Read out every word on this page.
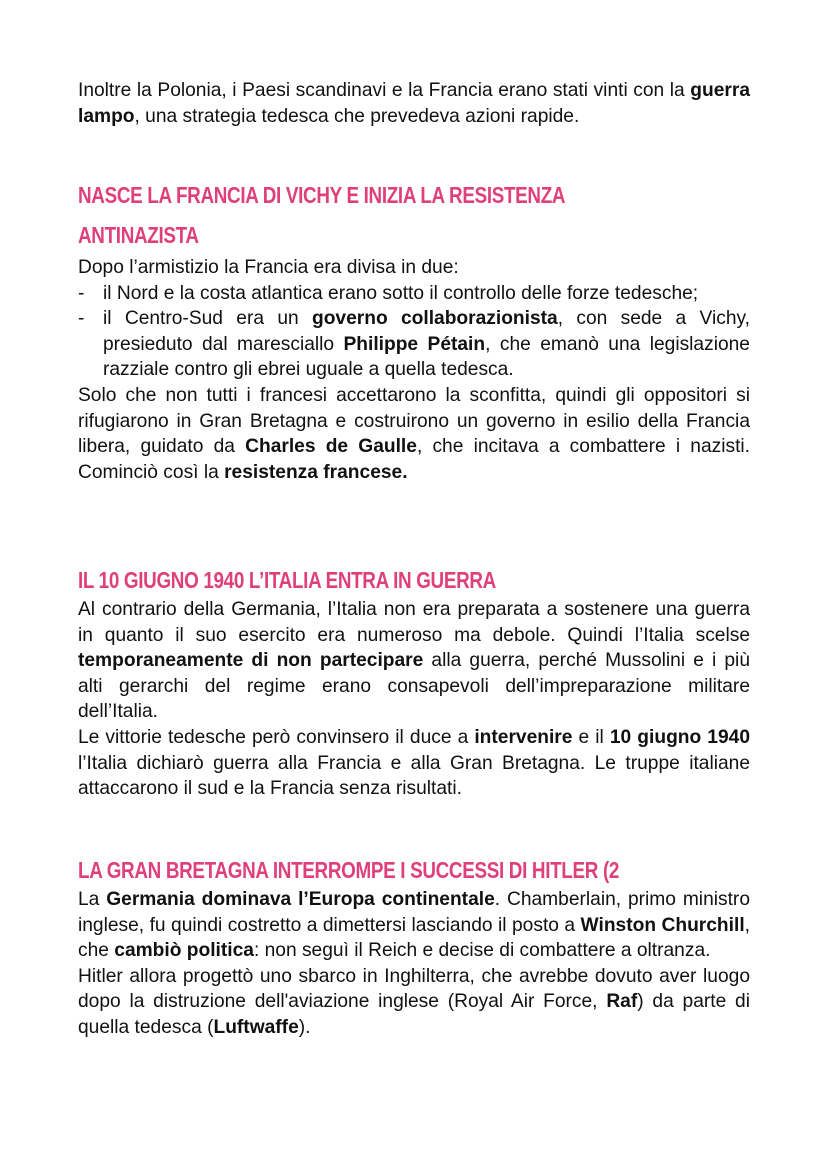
Inoltre la Polonia, i Paesi scandinavi e la Francia erano stati vinti con la guerra lampo, una strategia tedesca che prevedeva azioni rapide.

NASCE LA FRANCIA DI VICHY E INIZIA LA RESISTENZA
ANTINAZISTA

Dopo l’armistizio la Francia era divisa in due:

- il Nord e la costa atlantica erano sotto il controllo delle forze tedesche;
- il Centro-Sud era un governo collaborazionista, con sede a Vichy, presieduto dal maresciallo Philippe Pétain, che emanò una legislazione razziale contro gli ebrei uguale a quella tedesca.

Solo che non tutti i francesi accettarono la sconfitta, quindi gli oppositori si rifugiarono in Gran Bretagna e costruirono un governo in esilio della Francia libera, guidato da Charles de Gaulle, che incitava a combattere i nazisti. Cominciò così la resistenza francese.

IL 10 GIUGNO 1940 L’ITALIA ENTRA IN GUERRA

Al contrario della Germania, l’Italia non era preparata a sostenere una guerra in quanto il suo esercito era numeroso ma debole. Quindi l’Italia scelse temporaneamente di non partecipare alla guerra, perché Mussolini e i più alti gerarchi del regime erano consapevoli dell’impreparazione militare dell’Italia.

Le vittorie tedesche però convinsero il duce a intervenire e il 10 giugno 1940 l’Italia dichiarò guerra alla Francia e alla Gran Bretagna. Le truppe italiane attaccarono il sud e la Francia senza risultati.

LA GRAN BRETAGNA INTERROMPE I SUCCESSI DI HITLER (2

La Germania dominava l’Europa continentale. Chamberlain, primo ministro inglese, fu quindi costretto a dimettersi lasciando il posto a Winston Churchill, che cambiò politica: non seguì il Reich e decise di combattere a oltranza.

Hitler allora progettò uno sbarco in Inghilterra, che avrebbe dovuto aver luogo dopo la distruzione dell'aviazione inglese (Royal Air Force, Raf) da parte di quella tedesca (Luftwaffe).
